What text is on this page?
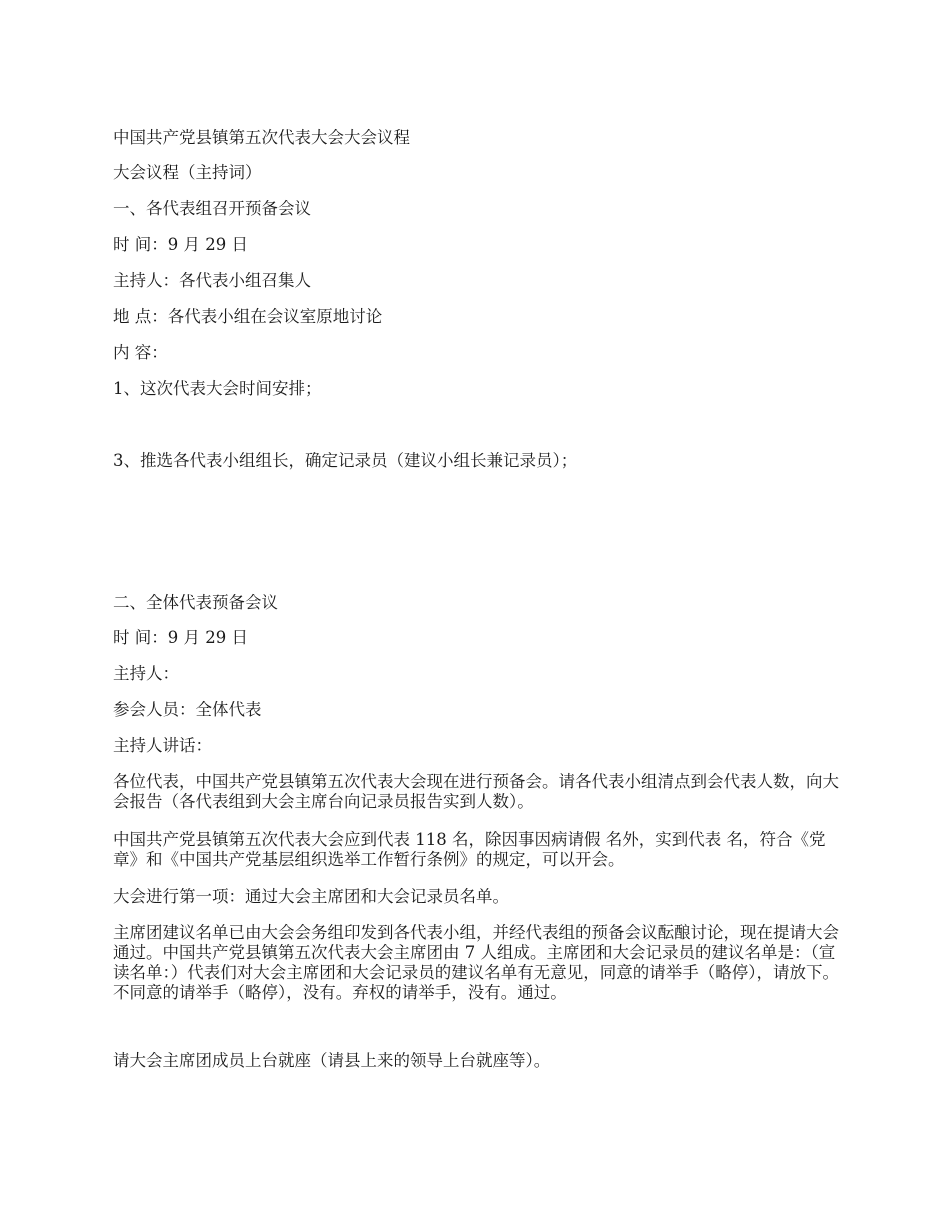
中国共产党县镇第五次代表大会大会议程
大会议程（主持词）
一、各代表组召开预备会议
时 间：9 月 29 日
主持人：各代表小组召集人
地 点：各代表小组在会议室原地讨论
内 容：
1、这次代表大会时间安排；
3、推选各代表小组组长，确定记录员（建议小组长兼记录员）；
二、全体代表预备会议
时 间：9 月 29 日
主持人：
参会人员：全体代表
主持人讲话：
各位代表，中国共产党县镇第五次代表大会现在进行预备会。请各代表小组清点到会代表人数，向大会报告（各代表组到大会主席台向记录员报告实到人数）。
中国共产党县镇第五次代表大会应到代表 118 名，除因事因病请假 名外，实到代表 名，符合《党章》和《中国共产党基层组织选举工作暂行条例》的规定，可以开会。
大会进行第一项：通过大会主席团和大会记录员名单。
主席团建议名单已由大会会务组印发到各代表小组，并经代表组的预备会议酝酿讨论，现在提请大会通过。中国共产党县镇第五次代表大会主席团由 7 人组成。主席团和大会记录员的建议名单是：（宣读名单：）代表们对大会主席团和大会记录员的建议名单有无意见，同意的请举手（略停），请放下。不同意的请举手（略停），没有。弃权的请举手，没有。通过。
请大会主席团成员上台就座（请县上来的领导上台就座等）。
